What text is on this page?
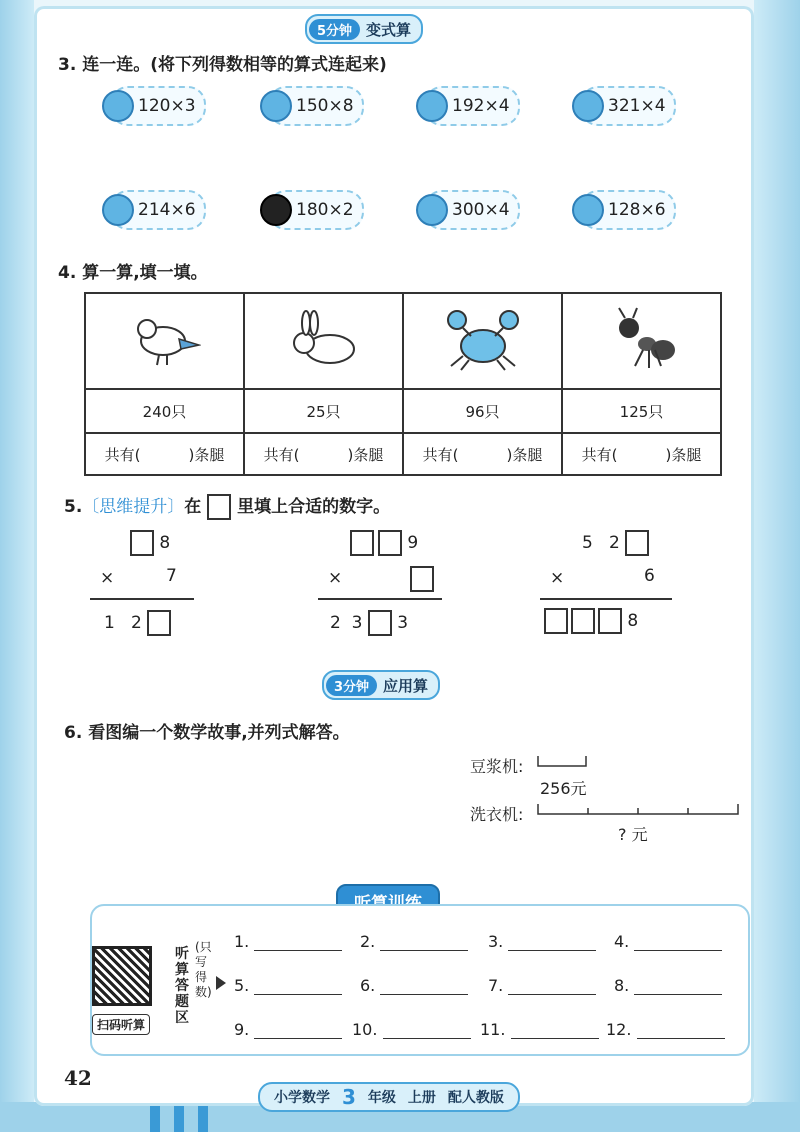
5分钟 变式算
3. 连一连。(将下列得数相等的算式连起来)
120×3	150×8	192×4	321×4
214×6	180×2	300×4	128×6
4. 算一算,填一填。

240只	25只	96只	125只
共有( )条腿	共有( )条腿	共有( )条腿	共有( )条腿
5.〔思维提升〕在 里填上合适的数字。
8
×	7
1 2
9
×
2 3 3
5 2
×	6
8
3分钟 应用算
6. 看图编一个数学故事,并列式解答。
豆浆机:
256元
洗衣机:
? 元
扫码听算
听算答题区
(只写得数)
1.	2.	3.	4.
5.	6.	7.	8.
9.	10.	11.	12.
42
小学数学 3 年级 上册 配人教版
